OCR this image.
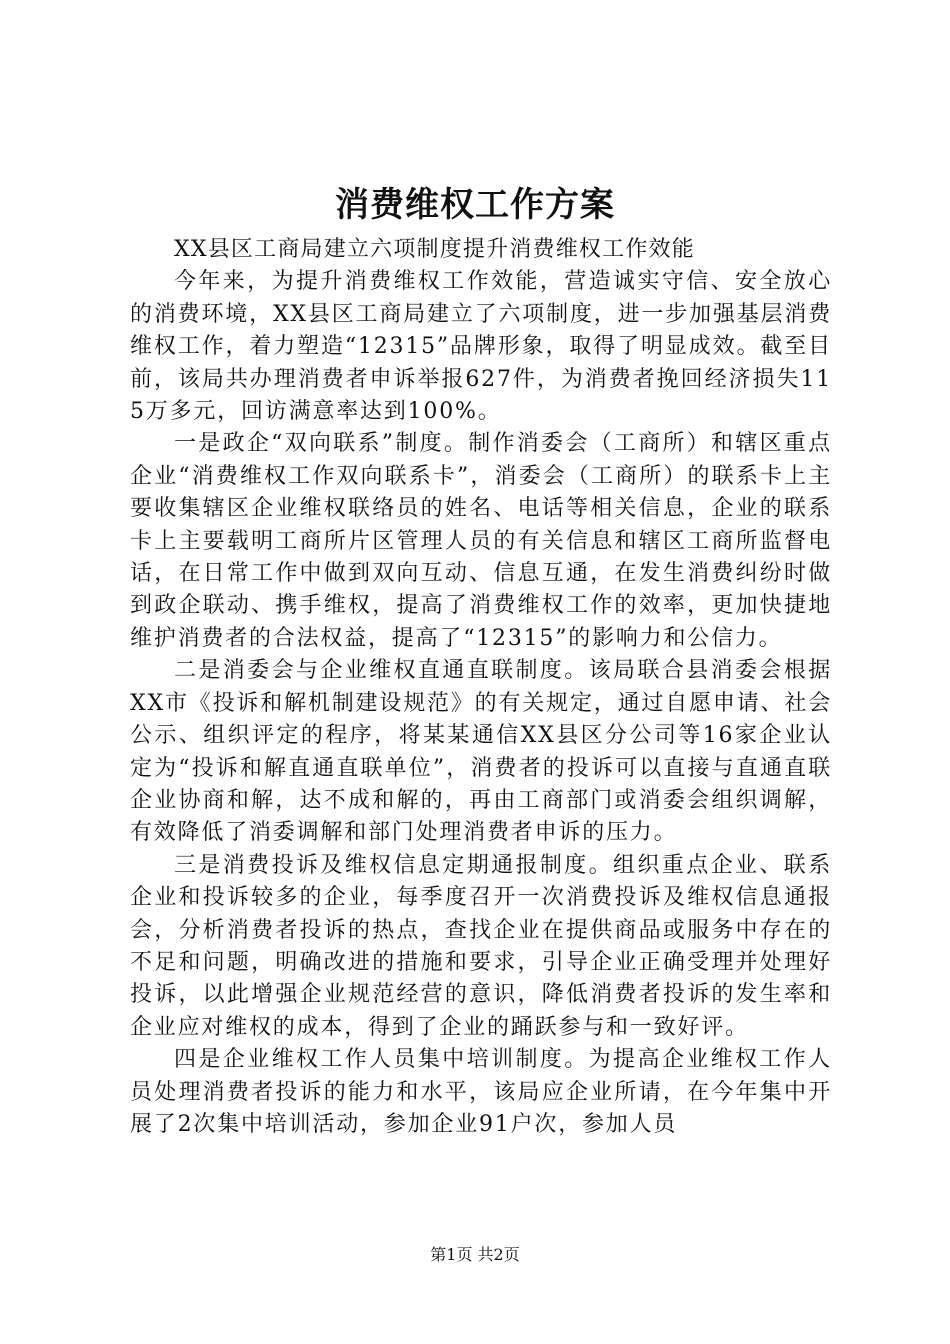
消费维权工作方案

XX县区工商局建立六项制度提升消费维权工作效能

今年来，为提升消费维权工作效能，营造诚实守信、安全放心的消费环境，XX县区工商局建立了六项制度，进一步加强基层消费维权工作，着力塑造“12315”品牌形象，取得了明显成效。截至目前，该局共办理消费者申诉举报627件，为消费者挽回经济损失115万多元，回访满意率达到100%。

一是政企“双向联系”制度。制作消委会（工商所）和辖区重点企业“消费维权工作双向联系卡”，消委会（工商所）的联系卡上主要收集辖区企业维权联络员的姓名、电话等相关信息，企业的联系卡上主要载明工商所片区管理人员的有关信息和辖区工商所监督电话，在日常工作中做到双向互动、信息互通，在发生消费纠纷时做到政企联动、携手维权，提高了消费维权工作的效率，更加快捷地维护消费者的合法权益，提高了“12315”的影响力和公信力。

二是消委会与企业维权直通直联制度。该局联合县消委会根据XX市《投诉和解机制建设规范》的有关规定，通过自愿申请、社会公示、组织评定的程序，将某某通信XX县区分公司等16家企业认定为“投诉和解直通直联单位”，消费者的投诉可以直接与直通直联企业协商和解，达不成和解的，再由工商部门或消委会组织调解，有效降低了消委调解和部门处理消费者申诉的压力。

三是消费投诉及维权信息定期通报制度。组织重点企业、联系企业和投诉较多的企业，每季度召开一次消费投诉及维权信息通报会，分析消费者投诉的热点，查找企业在提供商品或服务中存在的不足和问题，明确改进的措施和要求，引导企业正确受理并处理好投诉，以此增强企业规范经营的意识，降低消费者投诉的发生率和企业应对维权的成本，得到了企业的踊跃参与和一致好评。

四是企业维权工作人员集中培训制度。为提高企业维权工作人员处理消费者投诉的能力和水平，该局应企业所请，在今年集中开展了2次集中培训活动，参加企业91户次，参加人员

第1页 共2页
